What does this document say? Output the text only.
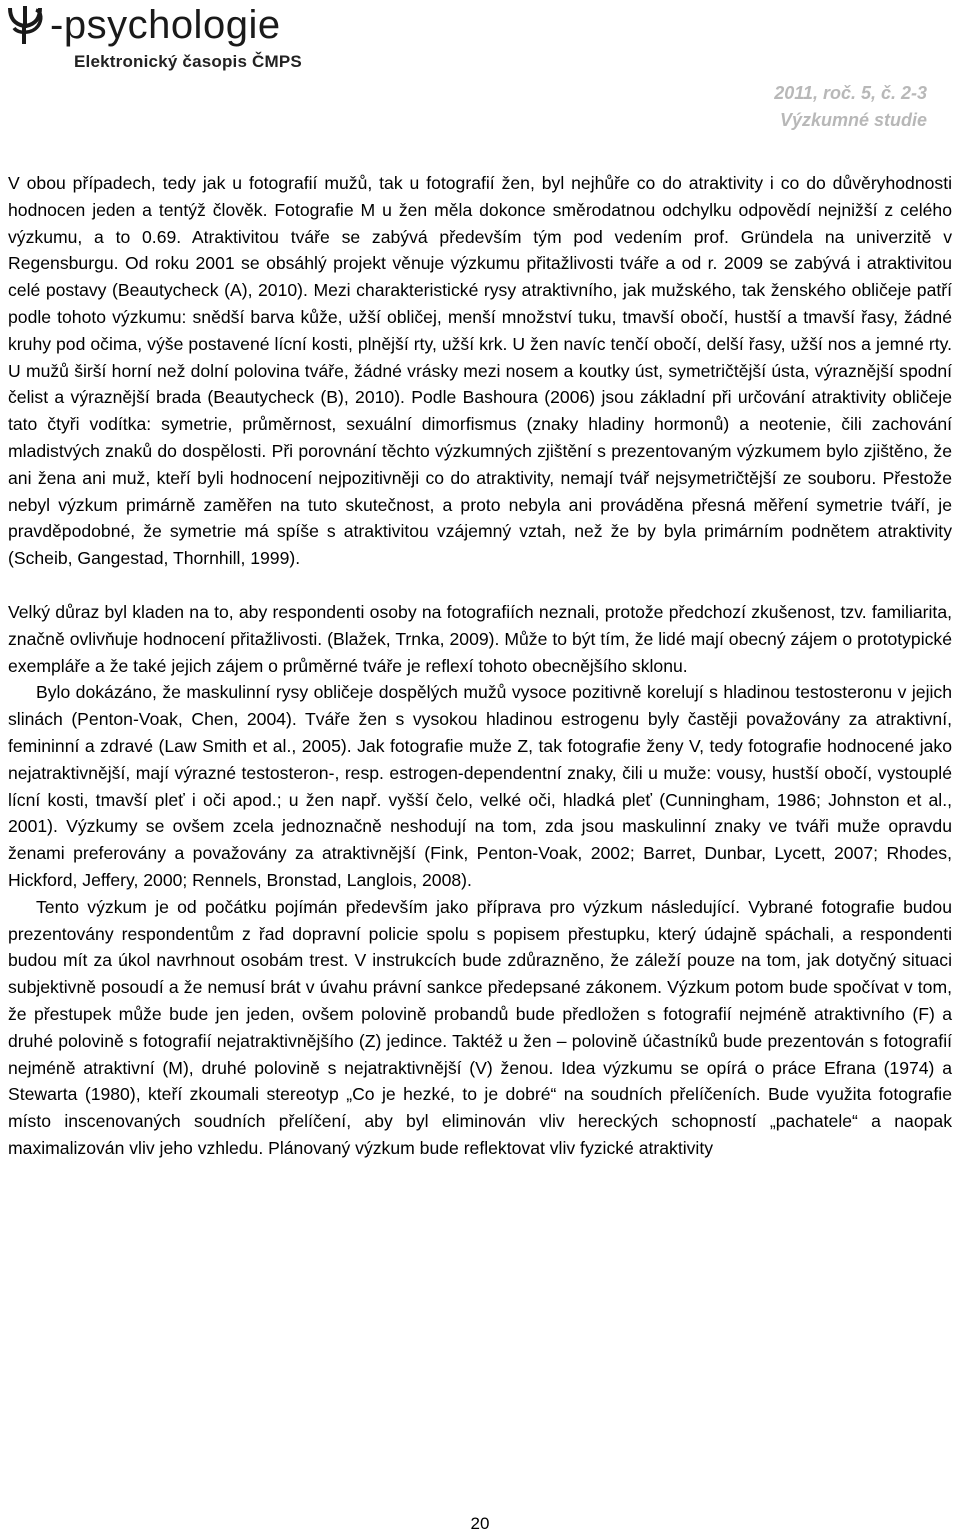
-psychologie
Elektronický časopis ČMPS
2011, roč. 5, č. 2-3
Výzkumné studie

V obou případech, tedy jak u fotografií mužů, tak u fotografií žen, byl nejhůře co do atraktivity i co do důvěryhodnosti hodnocen jeden a tentýž člověk. Fotografie M u žen měla dokonce směrodatnou odchylku odpovědí nejnižší z celého výzkumu, a to 0.69. Atraktivitou tváře se zabývá především tým pod vedením prof. Gründela na univerzitě v Regensburgu. Od roku 2001 se obsáhlý projekt věnuje výzkumu přitažlivosti tváře a od r. 2009 se zabývá i atraktivitou celé postavy (Beautycheck (A), 2010). Mezi charakteristické rysy atraktivního, jak mužského, tak ženského obličeje patří podle tohoto výzkumu: snědší barva kůže, užší obličej, menší množství tuku, tmavší obočí, hustší a tmavší řasy, žádné kruhy pod očima, výše postavené lícní kosti, plnější rty, užší krk. U žen navíc tenčí obočí, delší řasy, užší nos a jemné rty. U mužů širší horní než dolní polovina tváře, žádné vrásky mezi nosem a koutky úst, symetričtější ústa, výraznější spodní čelist a výraznější brada (Beautycheck (B), 2010). Podle Bashoura (2006) jsou základní při určování atraktivity obličeje tato čtyři vodítka: symetrie, průměrnost, sexuální dimorfismus (znaky hladiny hormonů) a neotenie, čili zachování mladistvých znaků do dospělosti. Při porovnání těchto výzkumných zjištění s prezentovaným výzkumem bylo zjištěno, že ani žena ani muž, kteří byli hodnocení nejpozitivněji co do atraktivity, nemají tvář nejsymetričtější ze souboru. Přestože nebyl výzkum primárně zaměřen na tuto skutečnost, a proto nebyla ani prováděna přesná měření symetrie tváří, je pravděpodobné, že symetrie má spíše s atraktivitou vzájemný vztah, než že by byla primárním podnětem atraktivity (Scheib, Gangestad, Thornhill, 1999).

Velký důraz byl kladen na to, aby respondenti osoby na fotografiích neznali, protože předchozí zkušenost, tzv. familiarita, značně ovlivňuje hodnocení přitažlivosti. (Blažek, Trnka, 2009). Může to být tím, že lidé mají obecný zájem o prototypické exempláře a že také jejich zájem o průměrné tváře je reflexí tohoto obecnějšího sklonu.

Bylo dokázáno, že maskulinní rysy obličeje dospělých mužů vysoce pozitivně korelují s hladinou testosteronu v jejich slinách (Penton-Voak, Chen, 2004). Tváře žen s vysokou hladinou estrogenu byly častěji považovány za atraktivní, femininní a zdravé (Law Smith et al., 2005). Jak fotografie muže Z, tak fotografie ženy V, tedy fotografie hodnocené jako nejatraktivnější, mají výrazné testosteron-, resp. estrogen-dependentní znaky, čili u muže: vousy, hustší obočí, vystouplé lícní kosti, tmavší pleť i oči apod.; u žen např. vyšší čelo, velké oči, hladká pleť (Cunningham, 1986; Johnston et al., 2001). Výzkumy se ovšem zcela jednoznačně neshodují na tom, zda jsou maskulinní znaky ve tváři muže opravdu ženami preferovány a považovány za atraktivnější (Fink, Penton-Voak, 2002; Barret, Dunbar, Lycett, 2007; Rhodes, Hickford, Jeffery, 2000; Rennels, Bronstad, Langlois, 2008).

Tento výzkum je od počátku pojímán především jako příprava pro výzkum následující. Vybrané fotografie budou prezentovány respondentům z řad dopravní policie spolu s popisem přestupku, který údajně spáchali, a respondenti budou mít za úkol navrhnout osobám trest. V instrukcích bude zdůrazněno, že záleží pouze na tom, jak dotyčný situaci subjektivně posoudí a že nemusí brát v úvahu právní sankce předepsané zákonem. Výzkum potom bude spočívat v tom, že přestupek může bude jen jeden, ovšem polovině probandů bude předložen s fotografií nejméně atraktivního (F) a druhé polovině s fotografií nejatraktivnějšího (Z) jedince. Taktéž u žen – polovině účastníků bude prezentován s fotografií nejméně atraktivní (M), druhé polovině s nejatraktivnější (V) ženou. Idea výzkumu se opírá o práce Efrana (1974) a Stewarta (1980), kteří zkoumali stereotyp „Co je hezké, to je dobré“ na soudních přelíčeních. Bude využita fotografie místo inscenovaných soudních přelíčení, aby byl eliminován vliv hereckých schopností „pachatele“ a naopak maximalizován vliv jeho vzhledu. Plánovaný výzkum bude reflektovat vliv fyzické atraktivity

20
